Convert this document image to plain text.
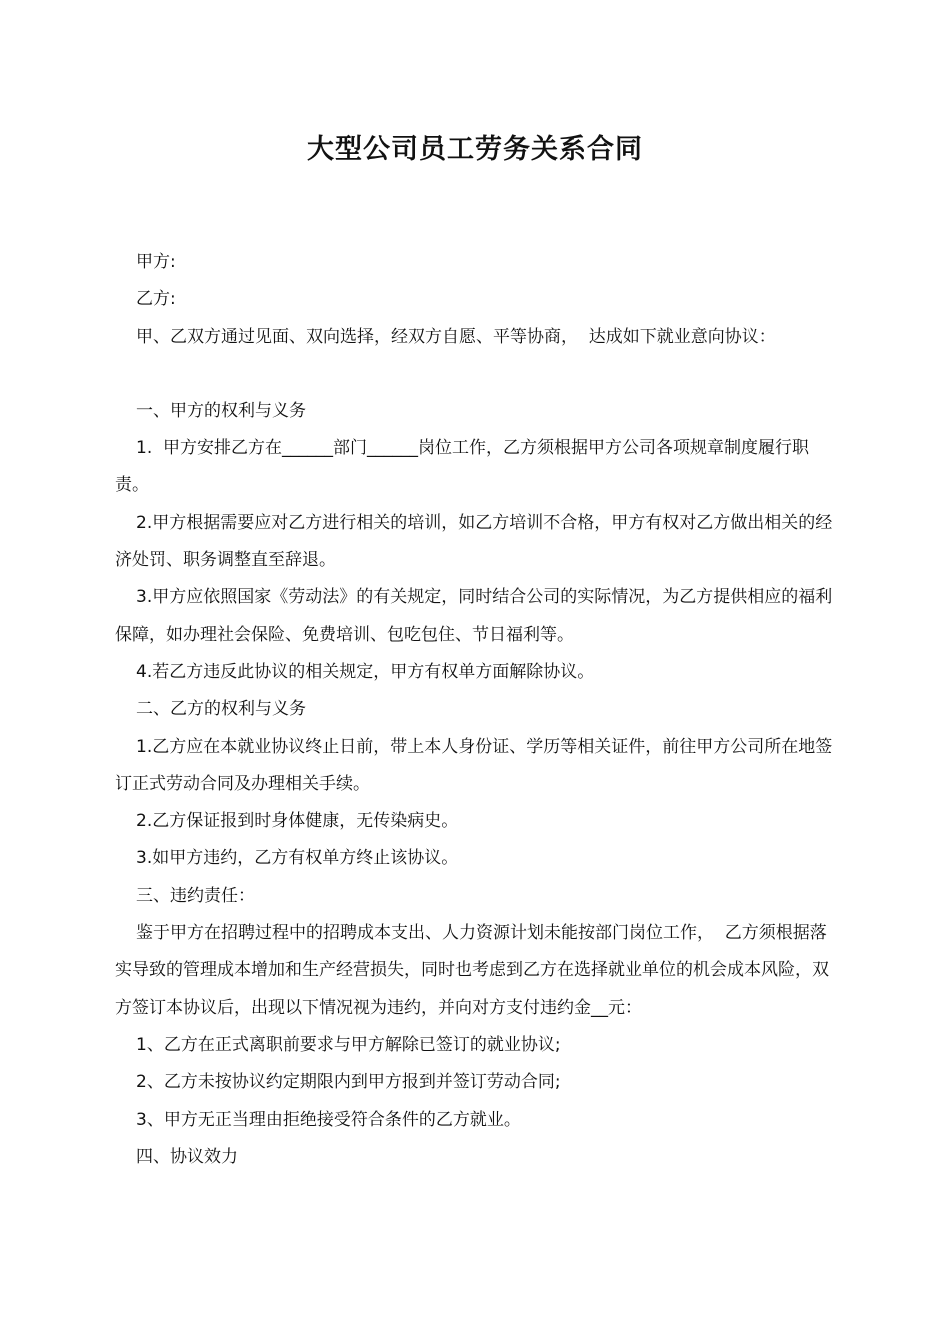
大型公司员工劳务关系合同

甲方:

乙方:

甲、乙双方通过见面、双向选择，经双方自愿、平等协商，  达成如下就业意向协议：

一、甲方的权利与义务

1.  甲方安排乙方在______部门______岗位工作，乙方须根据甲方公司各项规章制度履行职责。

2.甲方根据需要应对乙方进行相关的培训，如乙方培训不合格，甲方有权对乙方做出相关的经济处罚、职务调整直至辞退。

3.甲方应依照国家《劳动法》的有关规定，同时结合公司的实际情况，为乙方提供相应的福利保障，如办理社会保险、免费培训、包吃包住、节日福利等。

4.若乙方违反此协议的相关规定，甲方有权单方面解除协议。

二、乙方的权利与义务

1.乙方应在本就业协议终止日前，带上本人身份证、学历等相关证件，前往甲方公司所在地签订正式劳动合同及办理相关手续。

2.乙方保证报到时身体健康，无传染病史。

3.如甲方违约，乙方有权单方终止该协议。

三、违约责任：

鉴于甲方在招聘过程中的招聘成本支出、人力资源计划未能按部门岗位工作，  乙方须根据落实导致的管理成本增加和生产经营损失，同时也考虑到乙方在选择就业单位的机会成本风险，双方签订本协议后，出现以下情况视为违约，并向对方支付违约金__元：

1、乙方在正式离职前要求与甲方解除已签订的就业协议;

2、乙方未按协议约定期限内到甲方报到并签订劳动合同;

3、甲方无正当理由拒绝接受符合条件的乙方就业。

四、协议效力
